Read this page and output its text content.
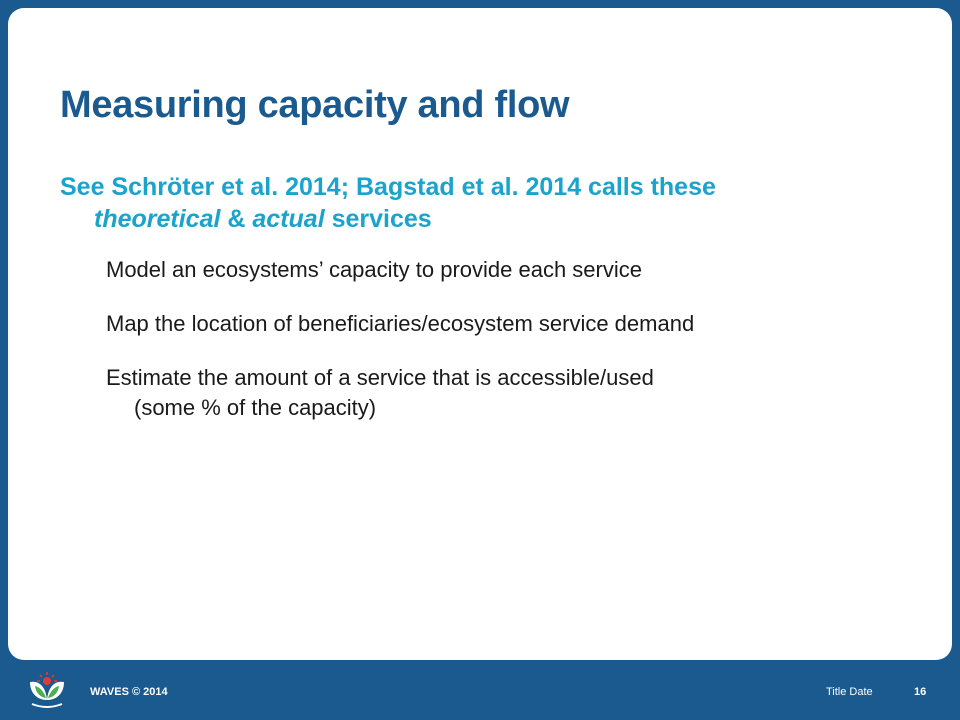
Measuring capacity and flow
See Schröter et al. 2014; Bagstad et al. 2014 calls these
theoretical & actual services
Model an ecosystems’ capacity to provide each service
Map the location of beneficiaries/ecosystem service demand
Estimate the amount of a service that is accessible/used
(some % of the capacity)
WAVES © 2014	Title Date	16
